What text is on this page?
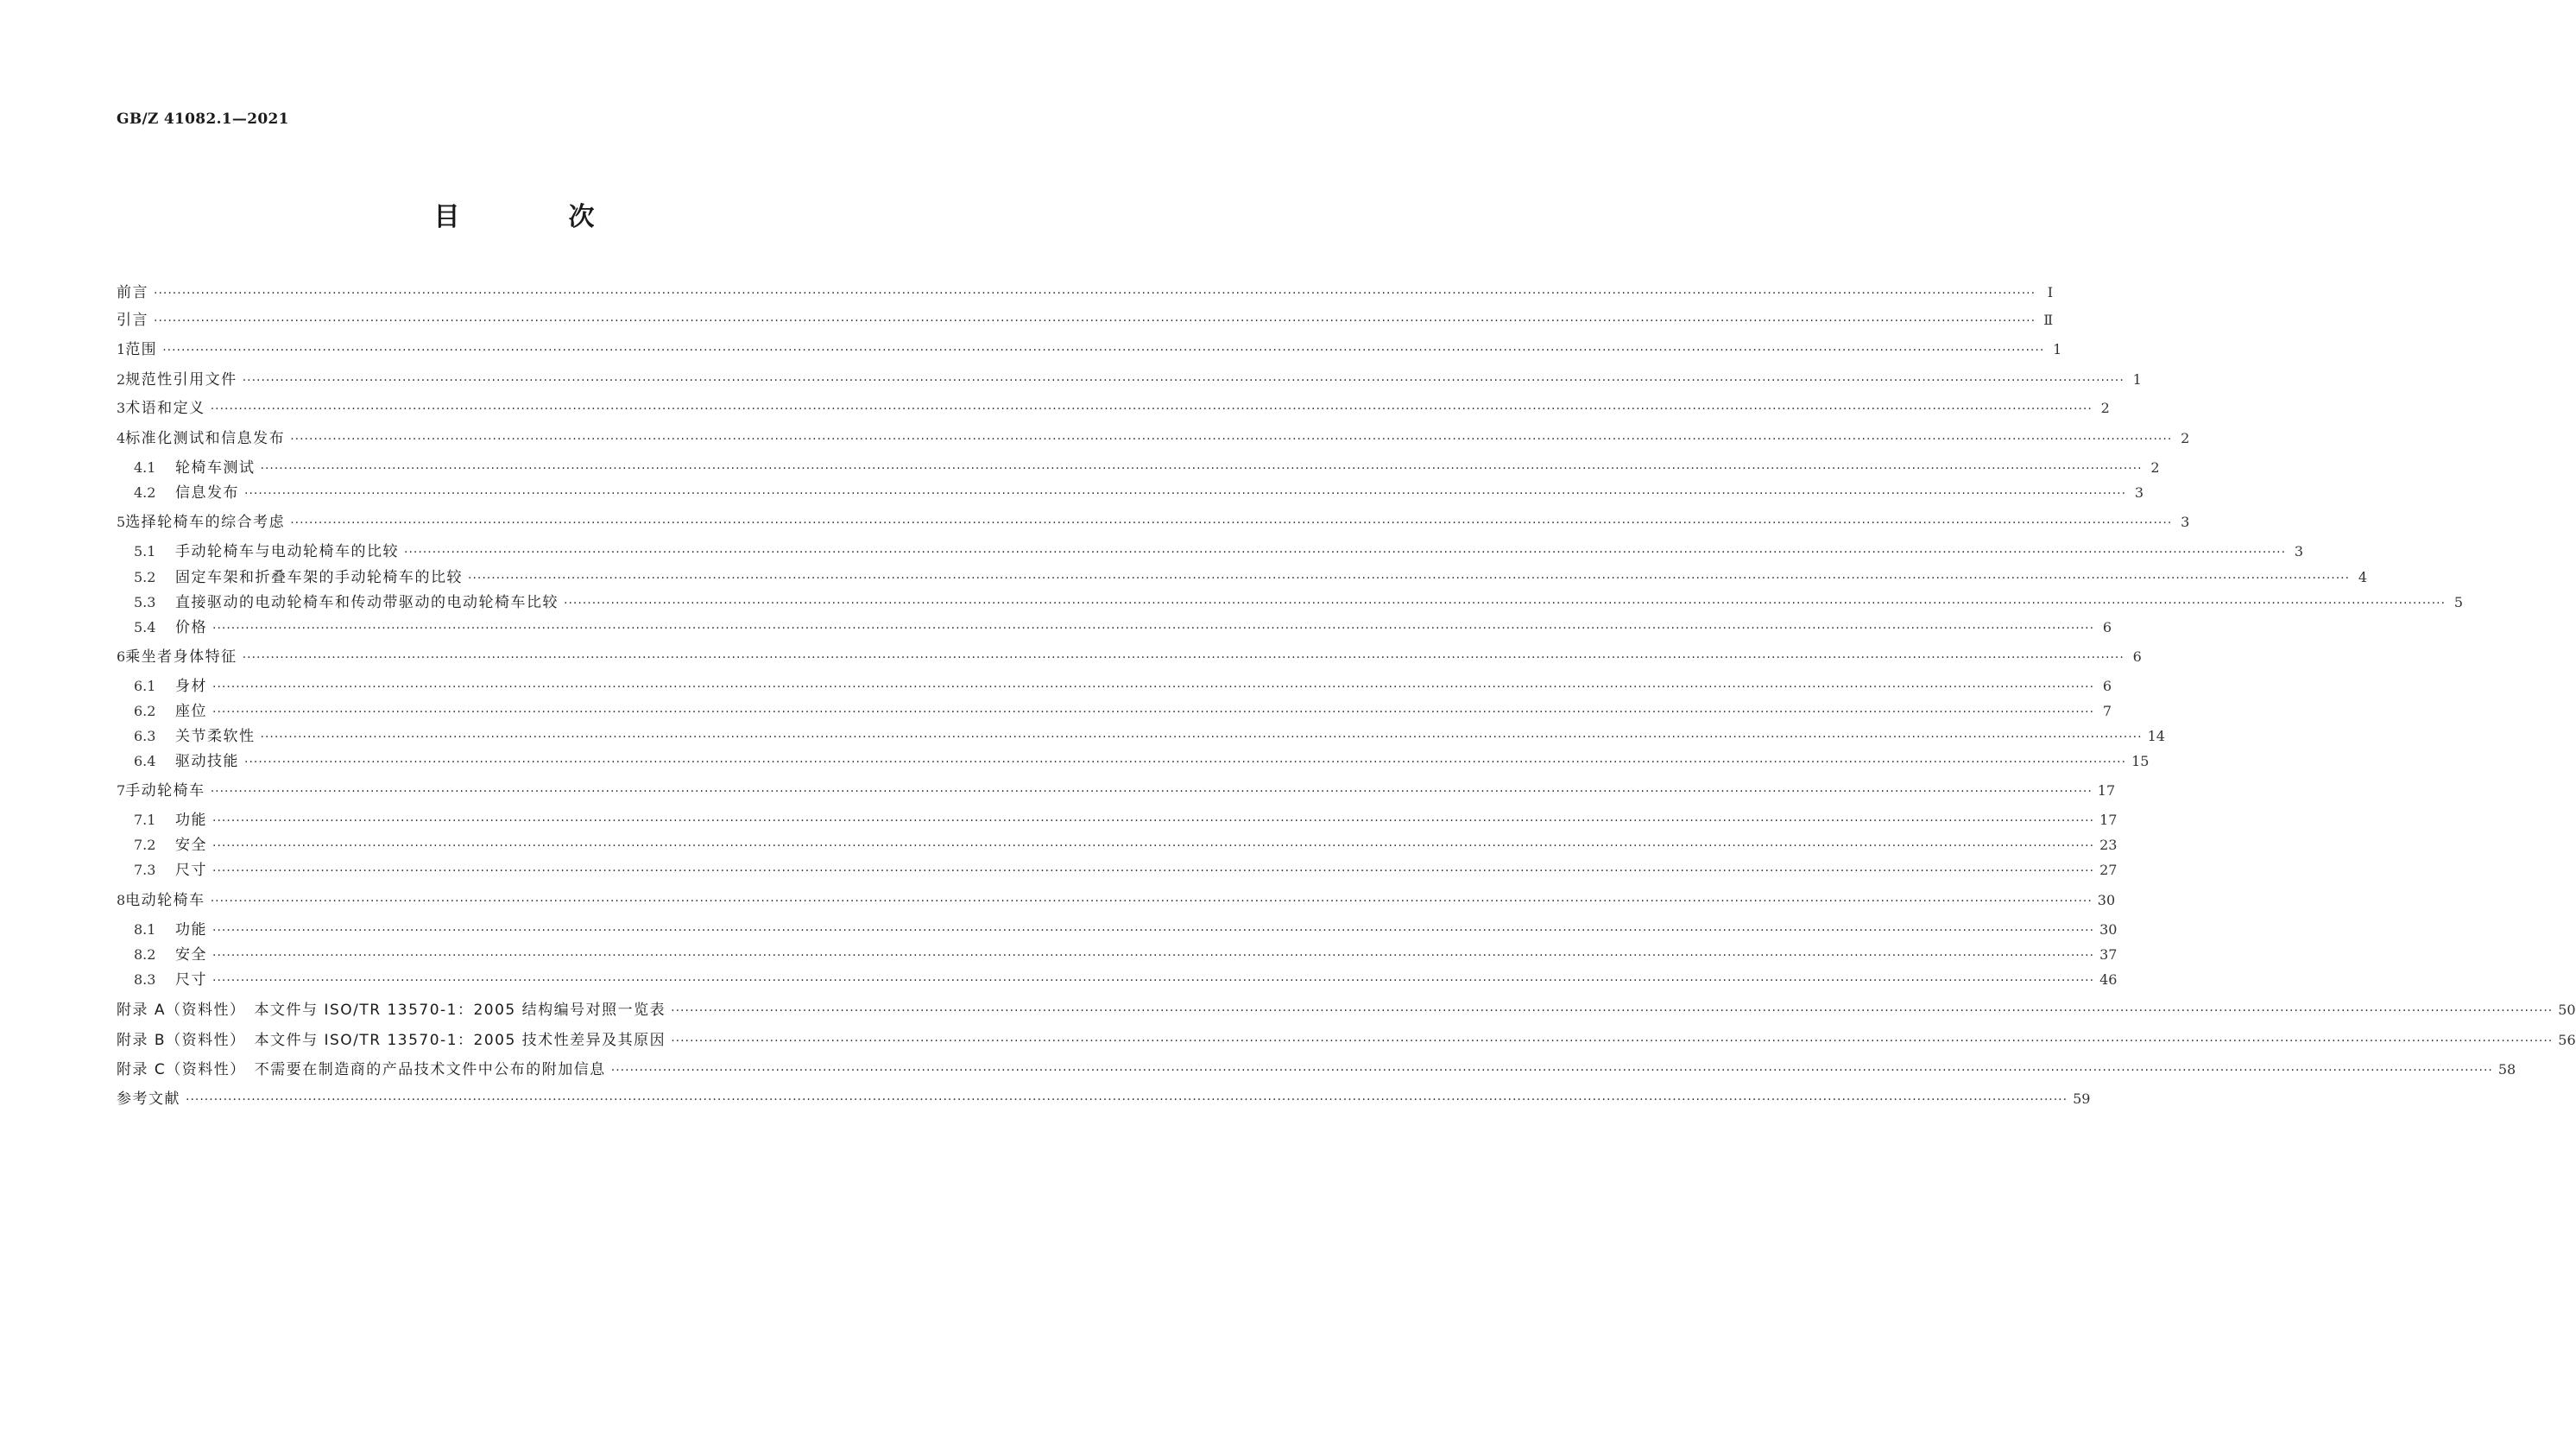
GB/Z 41082.1—2021
目　次
前言 ················································································································································································································································································································································································································ Ⅰ
引言 ················································································································································································································································································································································································································ Ⅱ
1 范围 ················································································································································································································································································································································································································ 1
2 规范性引用文件 ················································································································································································································································································································································································································ 1
3 术语和定义 ················································································································································································································································································································································································································ 2
4 标准化测试和信息发布 ················································································································································································································································································································································································································ 2
4.1	轮椅车测试 ················································································································································································································································································································································································································ 2
4.2	信息发布 ················································································································································································································································································································································································································ 3
5 选择轮椅车的综合考虑 ················································································································································································································································································································································································································ 3
5.1	手动轮椅车与电动轮椅车的比较 ················································································································································································································································································································································································································ 3
5.2	固定车架和折叠车架的手动轮椅车的比较 ················································································································································································································································································································································································································ 4
5.3	直接驱动的电动轮椅车和传动带驱动的电动轮椅车比较 ················································································································································································································································································································································································································ 5
5.4	价格 ················································································································································································································································································································································································································ 6
6 乘坐者身体特征 ················································································································································································································································································································································································································ 6
6.1	身材 ················································································································································································································································································································································································································ 6
6.2	座位 ················································································································································································································································································································································································································ 7
6.3	关节柔软性 ················································································································································································································································································································································································································ 14
6.4	驱动技能 ················································································································································································································································································································································································································ 15
7 手动轮椅车 ················································································································································································································································································································································································································ 17
7.1	功能 ················································································································································································································································································································································································································ 17
7.2	安全 ················································································································································································································································································································································································································ 23
7.3	尺寸 ················································································································································································································································································································································································································ 27
8 电动轮椅车 ················································································································································································································································································································································································································ 30
8.1	功能 ················································································································································································································································································································································································································ 30
8.2	安全 ················································································································································································································································································································································································································ 37
8.3	尺寸 ················································································································································································································································································································································································································ 46
附录 A（资料性）　本文件与 ISO/TR 13570-1：2005 结构编号对照一览表 ················································································································································································································································································································································································································ 50
附录 B（资料性）　本文件与 ISO/TR 13570-1：2005 技术性差异及其原因 ················································································································································································································································································································································································································ 56
附录 C（资料性）　不需要在制造商的产品技术文件中公布的附加信息 ················································································································································································································································································································································································································ 58
参考文献 ················································································································································································································································································································································································································ 59
